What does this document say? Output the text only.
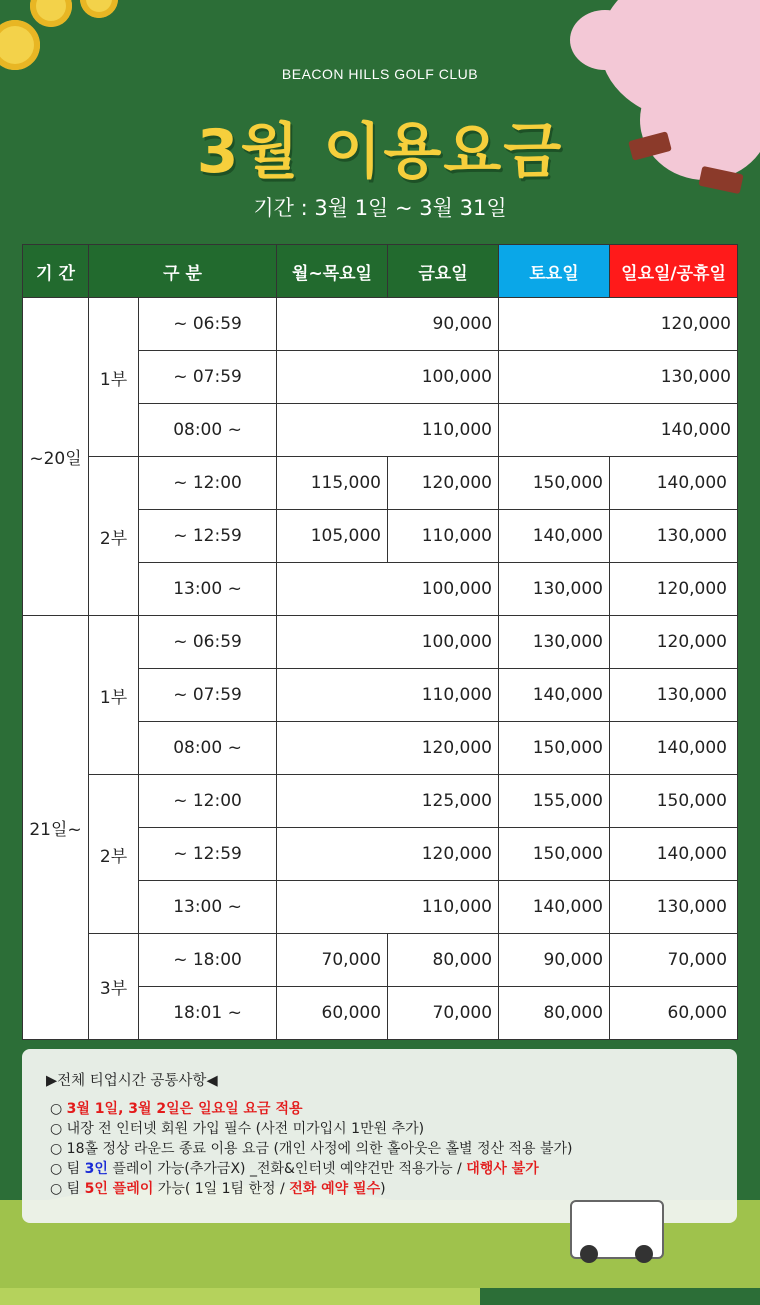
BEACON HILLS GOLF CLUB
3월 이용요금
기간 : 3월 1일 ~ 3월 31일
기 간	구 분		월~목요일	금요일	토요일	일요일/공휴일
~20일	1부	~ 06:59	90,000		120,000	
		~ 07:59	100,000		130,000	
		08:00 ~	110,000		140,000	
	2부	~ 12:00	115,000	120,000	150,000	140,000
		~ 12:59	105,000	110,000	140,000	130,000
		13:00 ~	100,000		130,000	120,000
21일~	1부	~ 06:59	100,000		130,000	120,000
		~ 07:59	110,000		140,000	130,000
		08:00 ~	120,000		150,000	140,000
	2부	~ 12:00	125,000		155,000	150,000
		~ 12:59	120,000		150,000	140,000
		13:00 ~	110,000		140,000	130,000
	3부	~ 18:00	70,000	80,000	90,000	70,000
		18:01 ~	60,000	70,000	80,000	60,000
▶전체 티업시간 공통사항◀
○ 3월 1일, 3월 2일은 일요일 요금 적용
○ 내장 전 인터넷 회원 가입 필수 (사전 미가입시 1만원 추가)
○ 18홀 정상 라운드 종료 이용 요금 (개인 사정에 의한 홀아웃은 홀별 정산 적용 불가)
○ 팀 3인 플레이 가능(추가금X) _전화&인터넷 예약건만 적용가능 / 대행사 불가
○ 팀 5인 플레이 가능( 1일 1팀 한정 / 전화 예약 필수)
